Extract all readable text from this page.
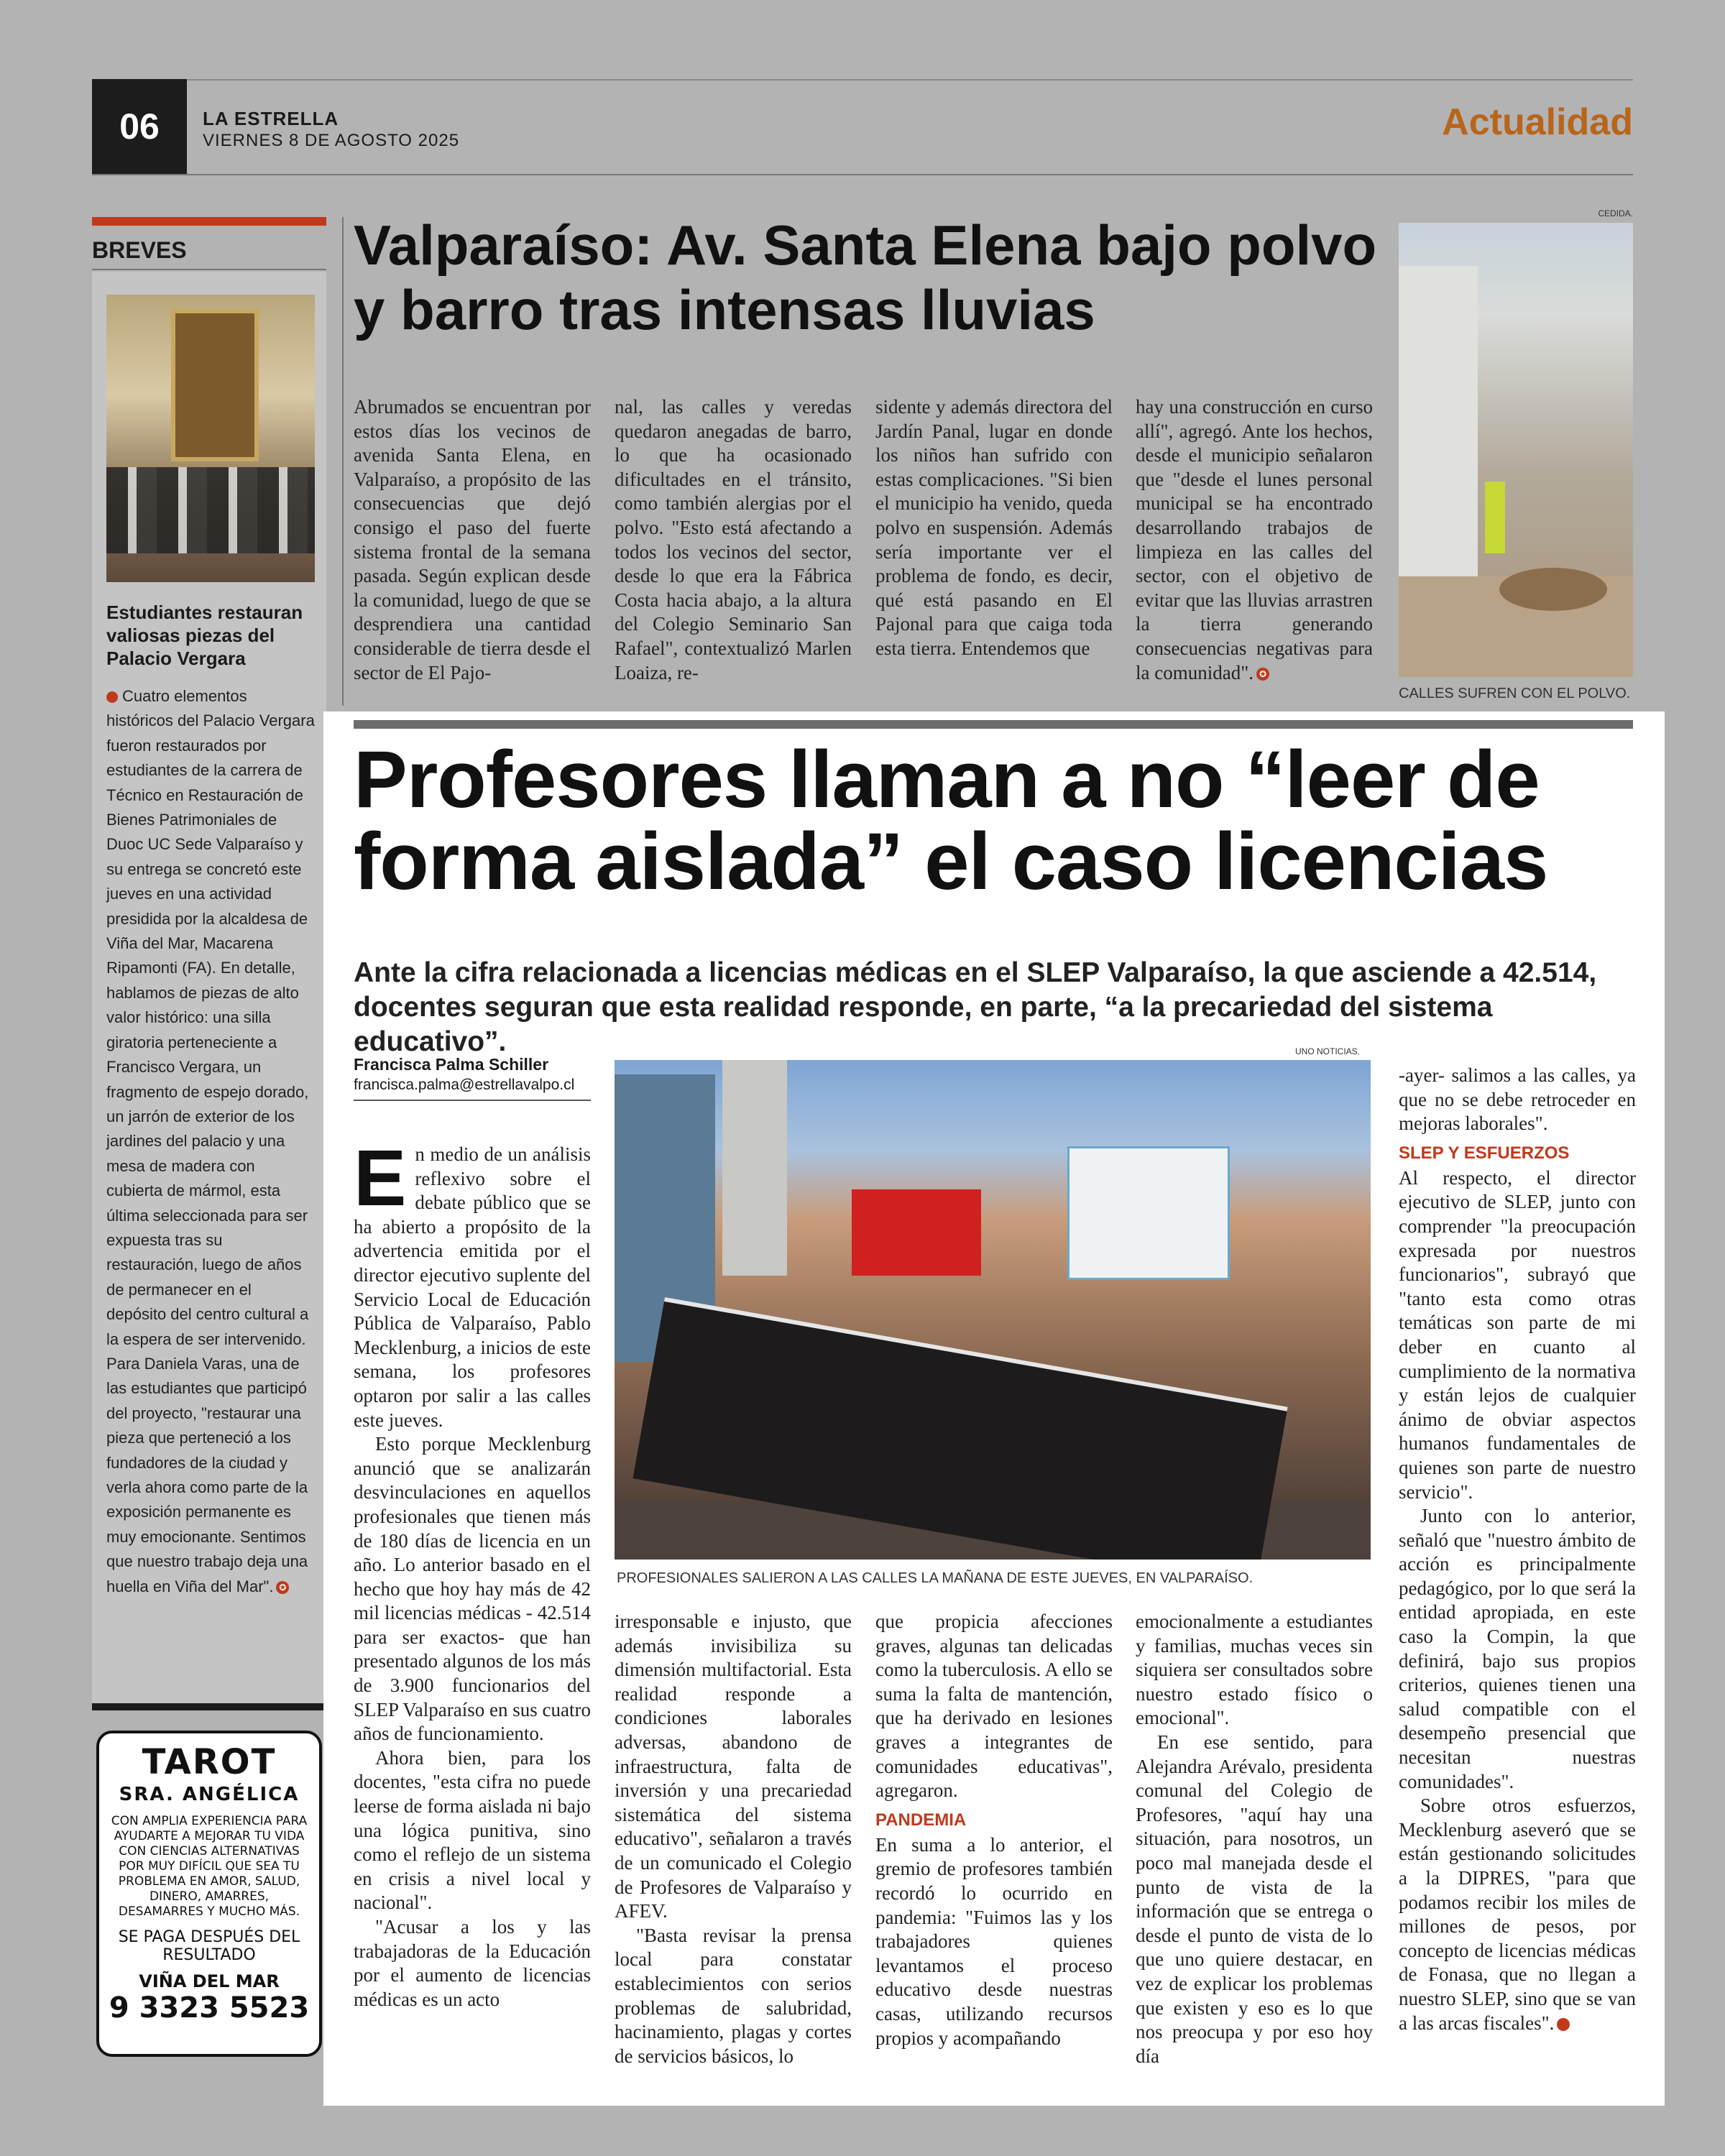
06	LA ESTRELLA
VIERNES 8 DE AGOSTO 2025	Actualidad
BREVES
Estudiantes restauran valiosas piezas del Palacio Vergara
Cuatro elementos históricos del Palacio Vergara fueron restaurados por estudiantes de la carrera de Técnico en Restauración de Bienes Patrimoniales de Duoc UC Sede Valparaíso y su entrega se concretó este jueves en una actividad presidida por la alcaldesa de Viña del Mar, Macarena Ripamonti (FA). En detalle, hablamos de piezas de alto valor histórico: una silla giratoria perteneciente a Francisco Vergara, un fragmento de espejo dorado, un jarrón de exterior de los jardines del palacio y una mesa de madera con cubierta de mármol, esta última seleccionada para ser expuesta tras su restauración, luego de años de permanecer en el depósito del centro cultural a la espera de ser intervenido. Para Daniela Varas, una de las estudiantes que participó del proyecto, "restaurar una pieza que perteneció a los fundadores de la ciudad y verla ahora como parte de la exposición permanente es muy emocionante. Sentimos que nuestro trabajo deja una huella en Viña del Mar". ✪
TAROT
SRA. ANGÉLICA
CON AMPLIA EXPERIENCIA PARA AYUDARTE A MEJORAR TU VIDA CON CIENCIAS ALTERNATIVAS POR MUY DIFÍCIL QUE SEA TU PROBLEMA EN AMOR, SALUD, DINERO, AMARRES, DESAMARRES Y MUCHO MÁS.
SE PAGA DESPUÉS DEL RESULTADO
VIÑA DEL MAR
9 3323 5523
Valparaíso: Av. Santa Elena bajo polvo y barro tras intensas lluvias
Abrumados se encuentran por estos días los vecinos de avenida Santa Elena, en Valparaíso, a propósito de las consecuencias que dejó consigo el paso del fuerte sistema frontal de la semana pasada. Según explican desde la comunidad, luego de que se desprendiera una cantidad considerable de tierra desde el sector de El Pajo-
nal, las calles y veredas quedaron anegadas de barro, lo que ha ocasionado dificultades en el tránsito, como también alergias por el polvo. "Esto está afectando a todos los vecinos del sector, desde lo que era la Fábrica Costa hacia abajo, a la altura del Colegio Seminario San Rafael", contextualizó Marlen Loaiza, re-
sidente y además directora del Jardín Panal, lugar en donde los niños han sufrido con estas complicaciones. "Si bien el municipio ha venido, queda polvo en suspensión. Además sería importante ver el problema de fondo, es decir, qué está pasando en El Pajonal para que caiga toda esta tierra. Entendemos que
hay una construcción en curso allí", agregó. Ante los hechos, desde el municipio señalaron que "desde el lunes personal municipal se ha encontrado desarrollando trabajos de limpieza en las calles del sector, con el objetivo de evitar que las lluvias arrastren la tierra generando consecuencias negativas para la comunidad". ✪
CEDIDA.
CALLES SUFREN CON EL POLVO.
Profesores llaman a no “leer de forma aislada” el caso licencias
Ante la cifra relacionada a licencias médicas en el SLEP Valparaíso, la que asciende a 42.514, docentes seguran que esta realidad responde, en parte, “a la precariedad del sistema educativo”.
Francisca Palma Schiller
francisca.palma@estrellavalpo.cl
UNO NOTICIAS.
PROFESIONALES SALIERON A LAS CALLES LA MAÑANA DE ESTE JUEVES, EN VALPARAÍSO.
E n medio de un análisis reflexivo sobre el debate público que se ha abierto a propósito de la advertencia emitida por el director ejecutivo suplente del Servicio Local de Educación Pública de Valparaíso, Pablo Mecklenburg, a inicios de este semana, los profesores optaron por salir a las calles este jueves.

Esto porque Mecklenburg anunció que se analizarán desvinculaciones en aquellos profesionales que tienen más de 180 días de licencia en un año. Lo anterior basado en el hecho que hoy hay más de 42 mil licencias médicas - 42.514 para ser exactos- que han presentado algunos de los más de 3.900 funcionarios del SLEP Valparaíso en sus cuatro años de funcionamiento.

Ahora bien, para los docentes, "esta cifra no puede leerse de forma aislada ni bajo una lógica punitiva, sino como el reflejo de un sistema en crisis a nivel local y nacional".

"Acusar a los y las trabajadoras de la Educación por el aumento de licencias médicas es un acto

irresponsable e injusto, que además invisibiliza su dimensión multifactorial. Esta realidad responde a condiciones laborales adversas, abandono de infraestructura, falta de inversión y una precariedad sistemática del sistema educativo", señalaron a través de un comunicado el Colegio de Profesores de Valparaíso y AFEV.

"Basta revisar la prensa local para constatar establecimientos con serios problemas de salubridad, hacinamiento, plagas y cortes de servicios básicos, lo

que propicia afecciones graves, algunas tan delicadas como la tuberculosis. A ello se suma la falta de mantención, que ha derivado en lesiones graves a integrantes de comunidades educativas", agregaron.

PANDEMIA

En suma a lo anterior, el gremio de profesores también recordó lo ocurrido en pandemia: "Fuimos las y los trabajadores quienes levantamos el proceso educativo desde nuestras casas, utilizando recursos propios y acompañando

emocionalmente a estudiantes y familias, muchas veces sin siquiera ser consultados sobre nuestro estado físico o emocional".

En ese sentido, para Alejandra Arévalo, presidenta comunal del Colegio de Profesores, "aquí hay una situación, para nosotros, un poco mal manejada desde el punto de vista de la información que se entrega o desde el punto de vista de lo que uno quiere destacar, en vez de explicar los problemas que existen y eso es lo que nos preocupa y por eso hoy día

-ayer- salimos a las calles, ya que no se debe retroceder en mejoras laborales".

SLEP Y ESFUERZOS

Al respecto, el director ejecutivo de SLEP, junto con comprender "la preocupación expresada por nuestros funcionarios", subrayó que "tanto esta como otras temáticas son parte de mi deber en cuanto al cumplimiento de la normativa y están lejos de cualquier ánimo de obviar aspectos humanos fundamentales de quienes son parte de nuestro servicio".

Junto con lo anterior, señaló que "nuestro ámbito de acción es principalmente pedagógico, por lo que será la entidad apropiada, en este caso la Compin, la que definirá, bajo sus propios criterios, quienes tienen una salud compatible con el desempeño presencial que necesitan nuestras comunidades".

Sobre otros esfuerzos, Mecklenburg aseveró que se están gestionando solicitudes a la DIPRES, "para que podamos recibir los miles de millones de pesos, por concepto de licencias médicas de Fonasa, que no llegan a nuestro SLEP, sino que se van a las arcas fiscales".	✪
